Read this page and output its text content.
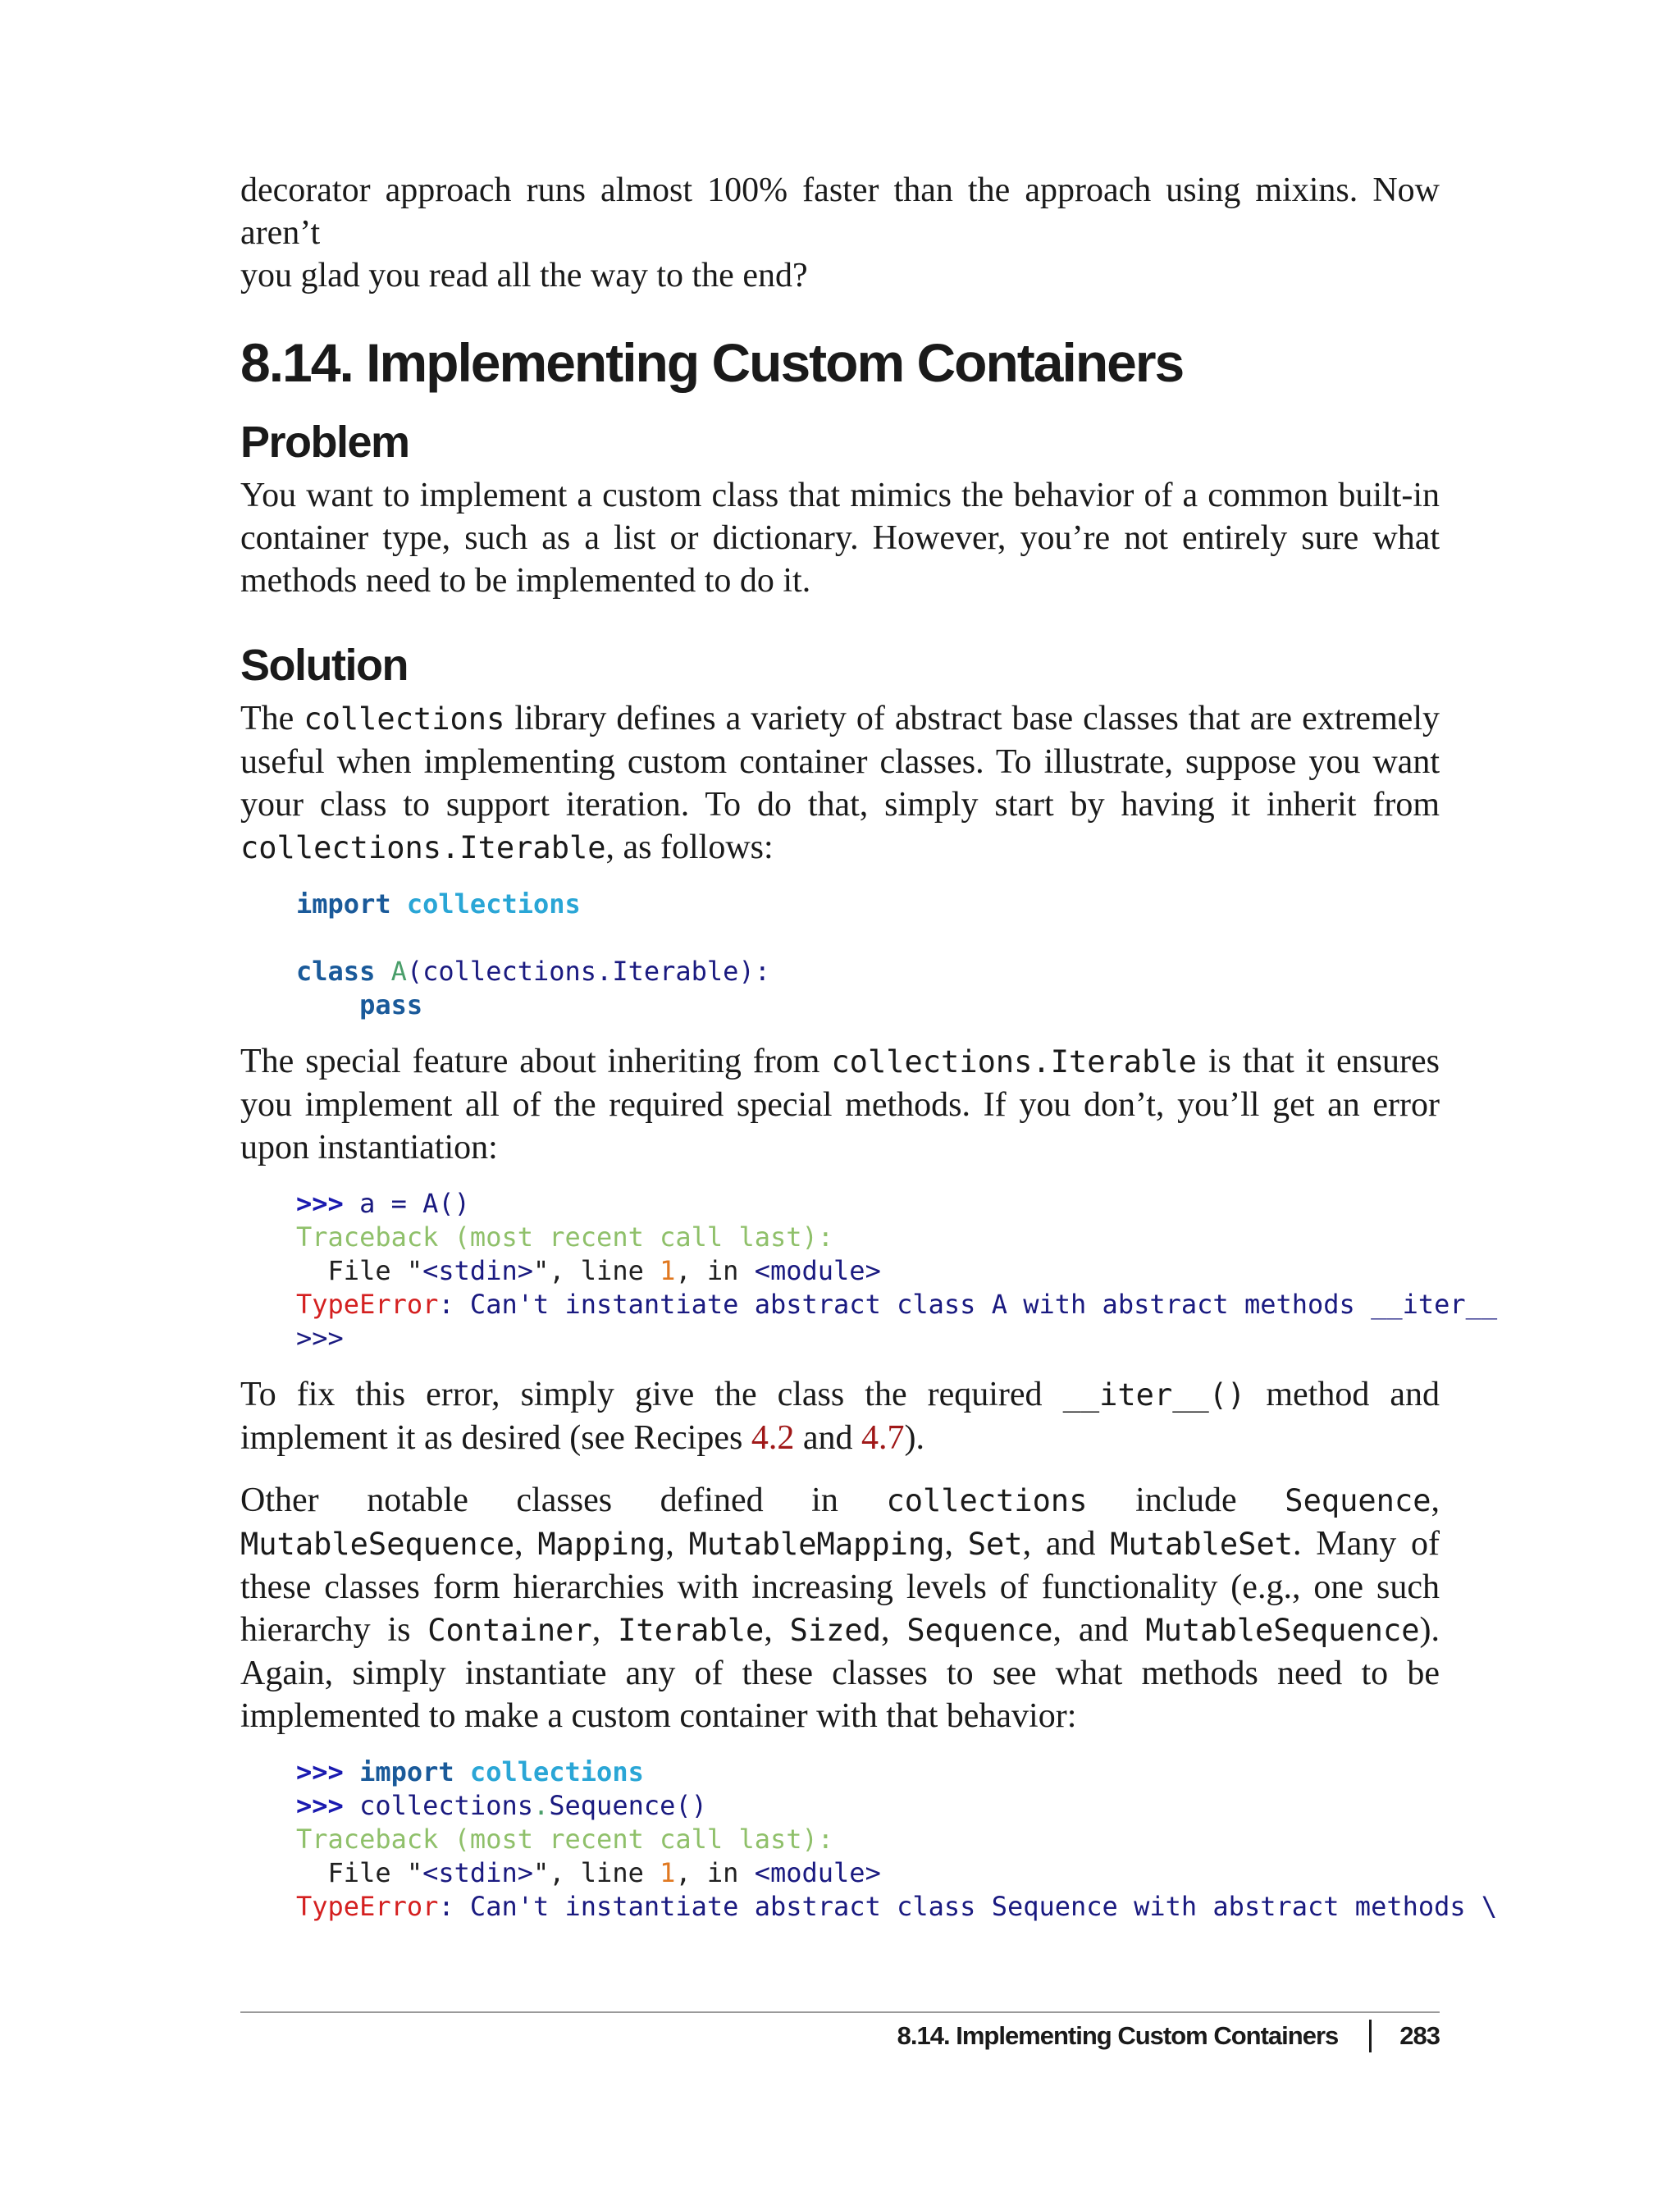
decorator approach runs almost 100% faster than the approach using mixins. Now aren’t
you glad you read all the way to the end?

8.14. Implementing Custom Containers
Problem

You want to implement a custom class that mimics the behavior of a common built-in container type, such as a list or dictionary. However, you’re not entirely sure what methods need to be implemented to do it.

Solution

The collections library defines a variety of abstract base classes that are extremely useful when implementing custom container classes. To illustrate, suppose you want your class to support iteration. To do that, simply start by having it inherit from collections.Iterable, as follows:

import collections

class A(collections.Iterable):
pass

The special feature about inheriting from collections.Iterable is that it ensures you implement all of the required special methods. If you don’t, you’ll get an error upon instantiation:

>>> a = A()
Traceback (most recent call last):
File "<stdin>", line 1, in <module>
TypeError: Can't instantiate abstract class A with abstract methods __iter__
>>>

To fix this error, simply give the class the required __iter__() method and implement it as desired (see Recipes 4.2 and 4.7).

Other notable classes defined in collections include Sequence, MutableSequence, Mapping, MutableMapping, Set, and MutableSet. Many of these classes form hierarchies with increasing levels of functionality (e.g., one such hierarchy is Container, Iterable, Sized, Sequence, and MutableSequence). Again, simply instantiate any of these classes to see what methods need to be implemented to make a custom container with that behavior:

>>> import collections
>>> collections.Sequence()
Traceback (most recent call last):
File "<stdin>", line 1, in <module>
TypeError: Can't instantiate abstract class Sequence with abstract methods \
8.14. Implementing Custom Containers 283
